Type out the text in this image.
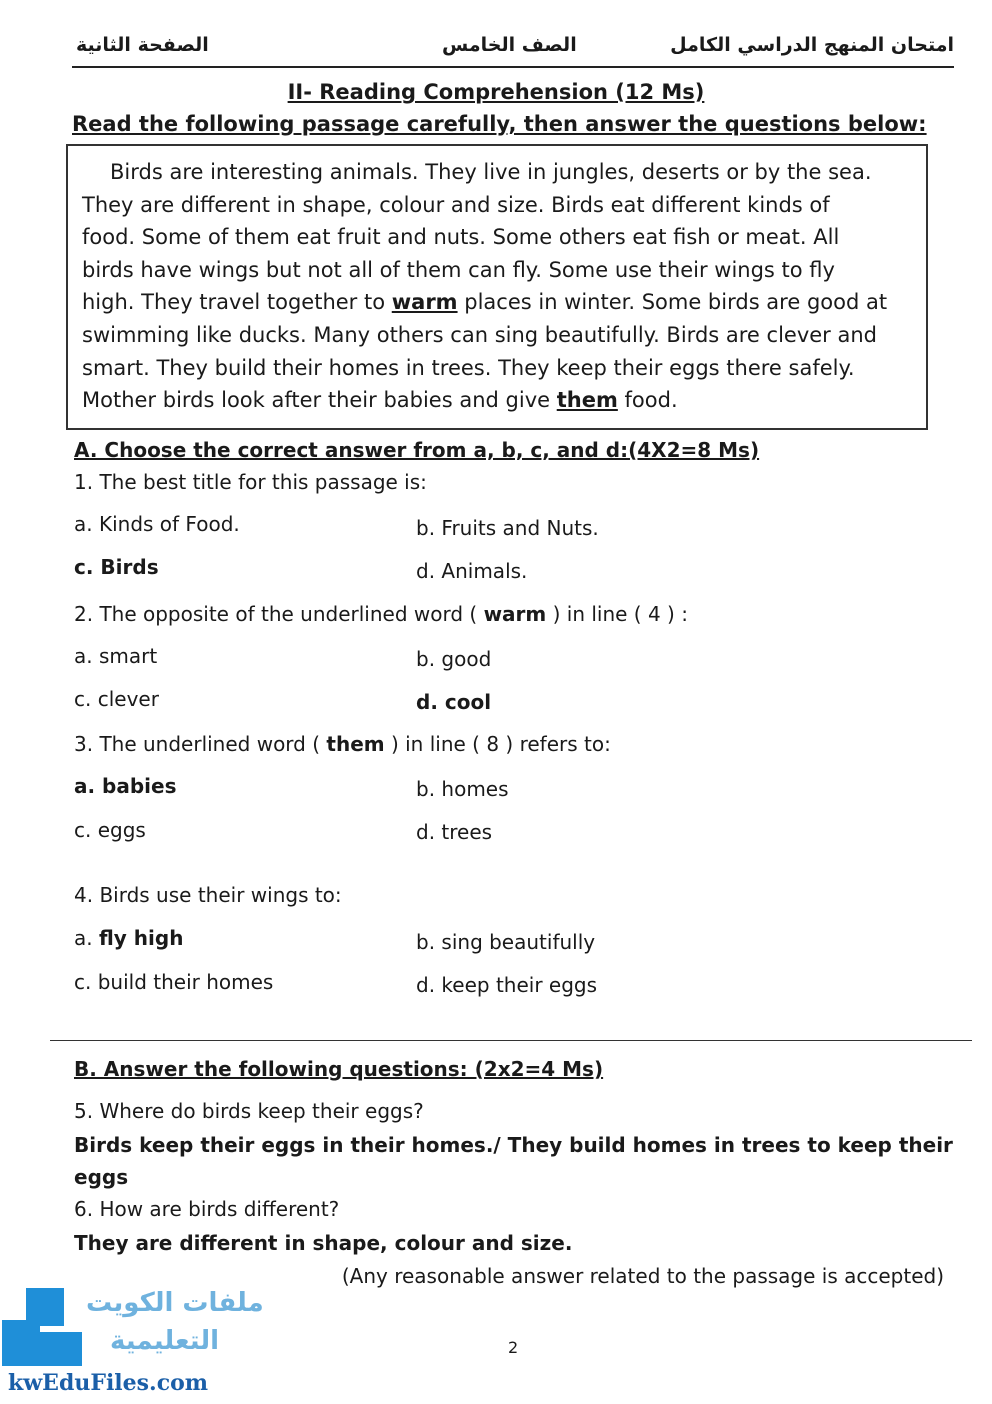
الصفحة الثانية	الصف الخامس	امتحان المنهج الدراسي الكامل
II- Reading Comprehension (12 Ms)
Read the following passage carefully, then answer the questions below:
Birds are interesting animals. They live in jungles, deserts or by the sea.
They are different in shape, colour and size. Birds eat different kinds of
food. Some of them eat fruit and nuts. Some others eat fish or meat. All
birds have wings but not all of them can fly. Some use their wings to fly
high. They travel together to warm places in winter. Some birds are good at
swimming like ducks. Many others can sing beautifully. Birds are clever and
smart. They build their homes in trees. They keep their eggs there safely.
Mother birds look after their babies and give them food.
A. Choose the correct answer from a, b, c, and d:(4X2=8 Ms)
1. The best title for this passage is:
a. Kinds of Food.	b. Fruits and Nuts.
c. Birds	d. Animals.
2. The opposite of the underlined word ( warm ) in line ( 4 ) :
a. smart	b. good
c. clever	d. cool
3. The underlined word ( them ) in line ( 8 ) refers to:
a. babies	b. homes
c. eggs	d. trees
4. Birds use their wings to:
a. fly high	b. sing beautifully
c. build their homes	d. keep their eggs
B. Answer the following questions: (2x2=4 Ms)
5. Where do birds keep their eggs?
Birds keep their eggs in their homes./ They build homes in trees to keep their eggs
6. How are birds different?
They are different in shape, colour and size.
(Any reasonable answer related to the passage is accepted)
2
ملفات الكويت
التعليمية
kwEduFiles.com
